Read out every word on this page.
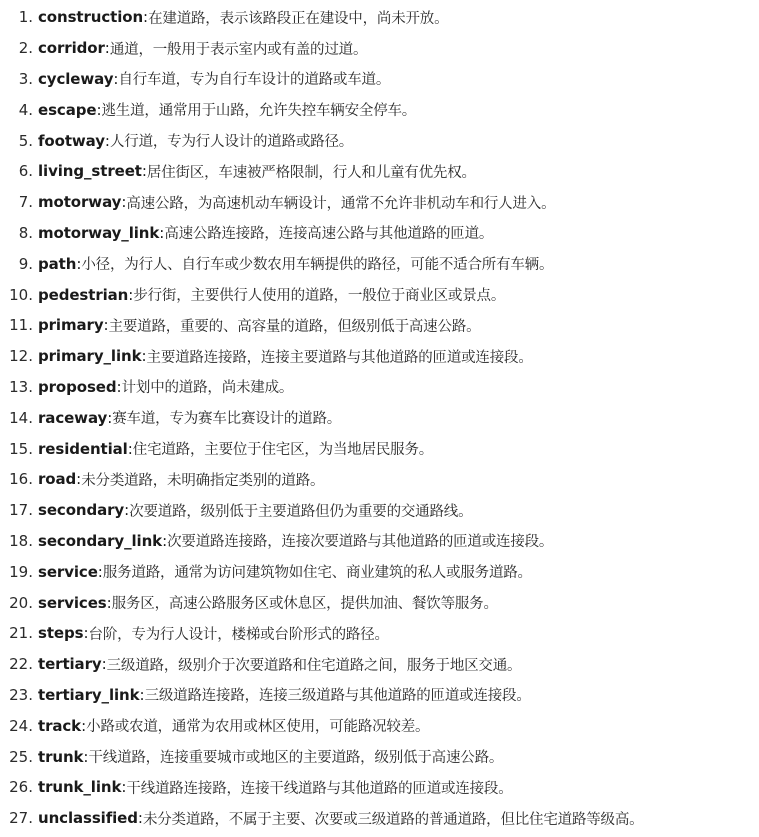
1. construction : 在建道路，表示该路段正在建设中，尚未开放。
2. corridor : 通道，一般用于表示室内或有盖的过道。
3. cycleway : 自行车道，专为自行车设计的道路或车道。
4. escape : 逃生道，通常用于山路，允许失控车辆安全停车。
5. footway : 人行道，专为行人设计的道路或路径。
6. living_street : 居住街区，车速被严格限制，行人和儿童有优先权。
7. motorway : 高速公路，为高速机动车辆设计，通常不允许非机动车和行人进入。
8. motorway_link : 高速公路连接路，连接高速公路与其他道路的匝道。
9. path : 小径，为行人、自行车或少数农用车辆提供的路径，可能不适合所有车辆。
10. pedestrian : 步行街，主要供行人使用的道路，一般位于商业区或景点。
11. primary : 主要道路，重要的、高容量的道路，但级别低于高速公路。
12. primary_link : 主要道路连接路，连接主要道路与其他道路的匝道或连接段。
13. proposed : 计划中的道路，尚未建成。
14. raceway : 赛车道，专为赛车比赛设计的道路。
15. residential : 住宅道路，主要位于住宅区，为当地居民服务。
16. road : 未分类道路，未明确指定类别的道路。
17. secondary : 次要道路，级别低于主要道路但仍为重要的交通路线。
18. secondary_link : 次要道路连接路，连接次要道路与其他道路的匝道或连接段。
19. service : 服务道路，通常为访问建筑物如住宅、商业建筑的私人或服务道路。
20. services : 服务区，高速公路服务区或休息区，提供加油、餐饮等服务。
21. steps : 台阶，专为行人设计，楼梯或台阶形式的路径。
22. tertiary : 三级道路，级别介于次要道路和住宅道路之间，服务于地区交通。
23. tertiary_link : 三级道路连接路，连接三级道路与其他道路的匝道或连接段。
24. track : 小路或农道，通常为农用或林区使用，可能路况较差。
25. trunk : 干线道路，连接重要城市或地区的主要道路，级别低于高速公路。
26. trunk_link : 干线道路连接路，连接干线道路与其他道路的匝道或连接段。
27. unclassified : 未分类道路，不属于主要、次要或三级道路的普通道路，但比住宅道路等级高。
